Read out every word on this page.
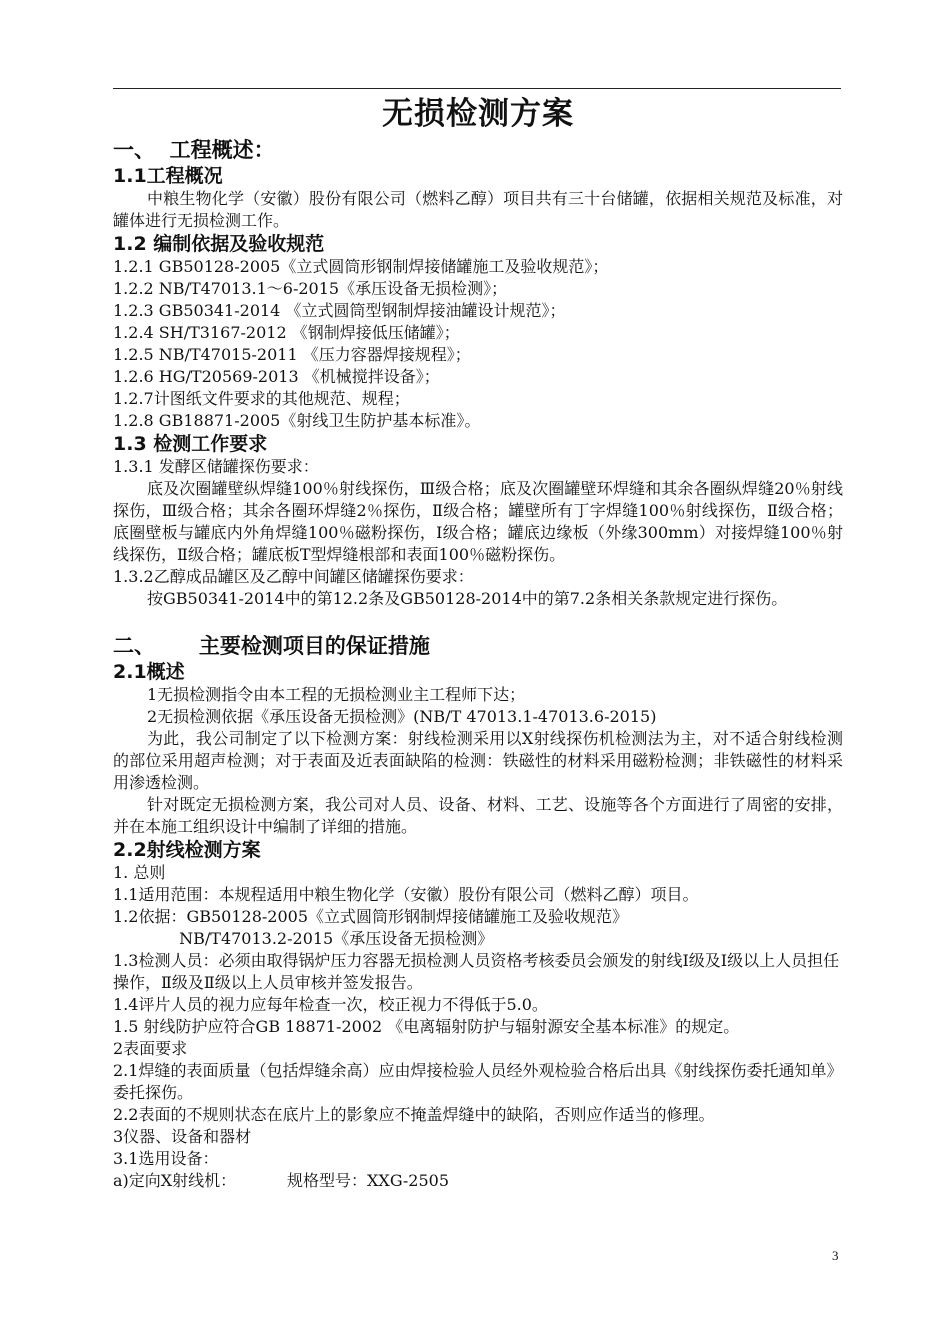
无损检测方案
一、  工程概述：
1.1工程概况
中粮生物化学（安徽）股份有限公司（燃料乙醇）项目共有三十台储罐，依据相关规范及标准，对罐体进行无损检测工作。
1.2 编制依据及验收规范
1.2.1 GB50128-2005《立式圆筒形钢制焊接储罐施工及验收规范》；
1.2.2 NB/T47013.1～6-2015《承压设备无损检测》；
1.2.3 GB50341-2014 《立式圆筒型钢制焊接油罐设计规范》；
1.2.4 SH/T3167-2012 《钢制焊接低压储罐》；
1.2.5 NB/T47015-2011 《压力容器焊接规程》；
1.2.6 HG/T20569-2013 《机械搅拌设备》；
1.2.7计图纸文件要求的其他规范、规程；
1.2.8 GB18871-2005《射线卫生防护基本标准》。
1.3 检测工作要求
1.3.1 发酵区储罐探伤要求：
底及次圈罐壁纵焊缝100％射线探伤，Ⅲ级合格；底及次圈罐壁环焊缝和其余各圈纵焊缝20％射线探伤，Ⅲ级合格；其余各圈环焊缝2％探伤，Ⅱ级合格；罐壁所有丁字焊缝100％射线探伤，Ⅱ级合格；底圈壁板与罐底内外角焊缝100％磁粉探伤，Ⅰ级合格；罐底边缘板（外缘300mm）对接焊缝100％射线探伤，Ⅱ级合格；罐底板T型焊缝根部和表面100％磁粉探伤。
1.3.2乙醇成品罐区及乙醇中间罐区储罐探伤要求：
按GB50341-2014中的第12.2条及GB50128-2014中的第7.2条相关条款规定进行探伤。
二、      主要检测项目的保证措施
2.1概述
1无损检测指令由本工程的无损检测业主工程师下达；
2无损检测依据《承压设备无损检测》(NB/T 47013.1-47013.6-2015)
为此，我公司制定了以下检测方案：射线检测采用以X射线探伤机检测法为主，对不适合射线检测的部位采用超声检测；对于表面及近表面缺陷的检测：铁磁性的材料采用磁粉检测；非铁磁性的材料采用渗透检测。
针对既定无损检测方案，我公司对人员、设备、材料、工艺、设施等各个方面进行了周密的安排，并在本施工组织设计中编制了详细的措施。
2.2射线检测方案
1. 总则
1.1适用范围：本规程适用中粮生物化学（安徽）股份有限公司（燃料乙醇）项目。
1.2依据：GB50128-2005《立式圆筒形钢制焊接储罐施工及验收规范》
NB/T47013.2-2015《承压设备无损检测》
1.3检测人员：必须由取得锅炉压力容器无损检测人员资格考核委员会颁发的射线Ⅰ级及Ⅰ级以上人员担任操作，Ⅱ级及Ⅱ级以上人员审核并签发报告。
1.4评片人员的视力应每年检查一次，校正视力不得低于5.0。
1.5 射线防护应符合GB 18871-2002 《电离辐射防护与辐射源安全基本标准》的规定。
2表面要求
2.1焊缝的表面质量（包括焊缝余高）应由焊接检验人员经外观检验合格后出具《射线探伤委托通知单》委托探伤。
2.2表面的不规则状态在底片上的影象应不掩盖焊缝中的缺陷，否则应作适当的修理。
3仪器、设备和器材
3.1选用设备：
a)定向X射线机：          规格型号：XXG-2505
3
